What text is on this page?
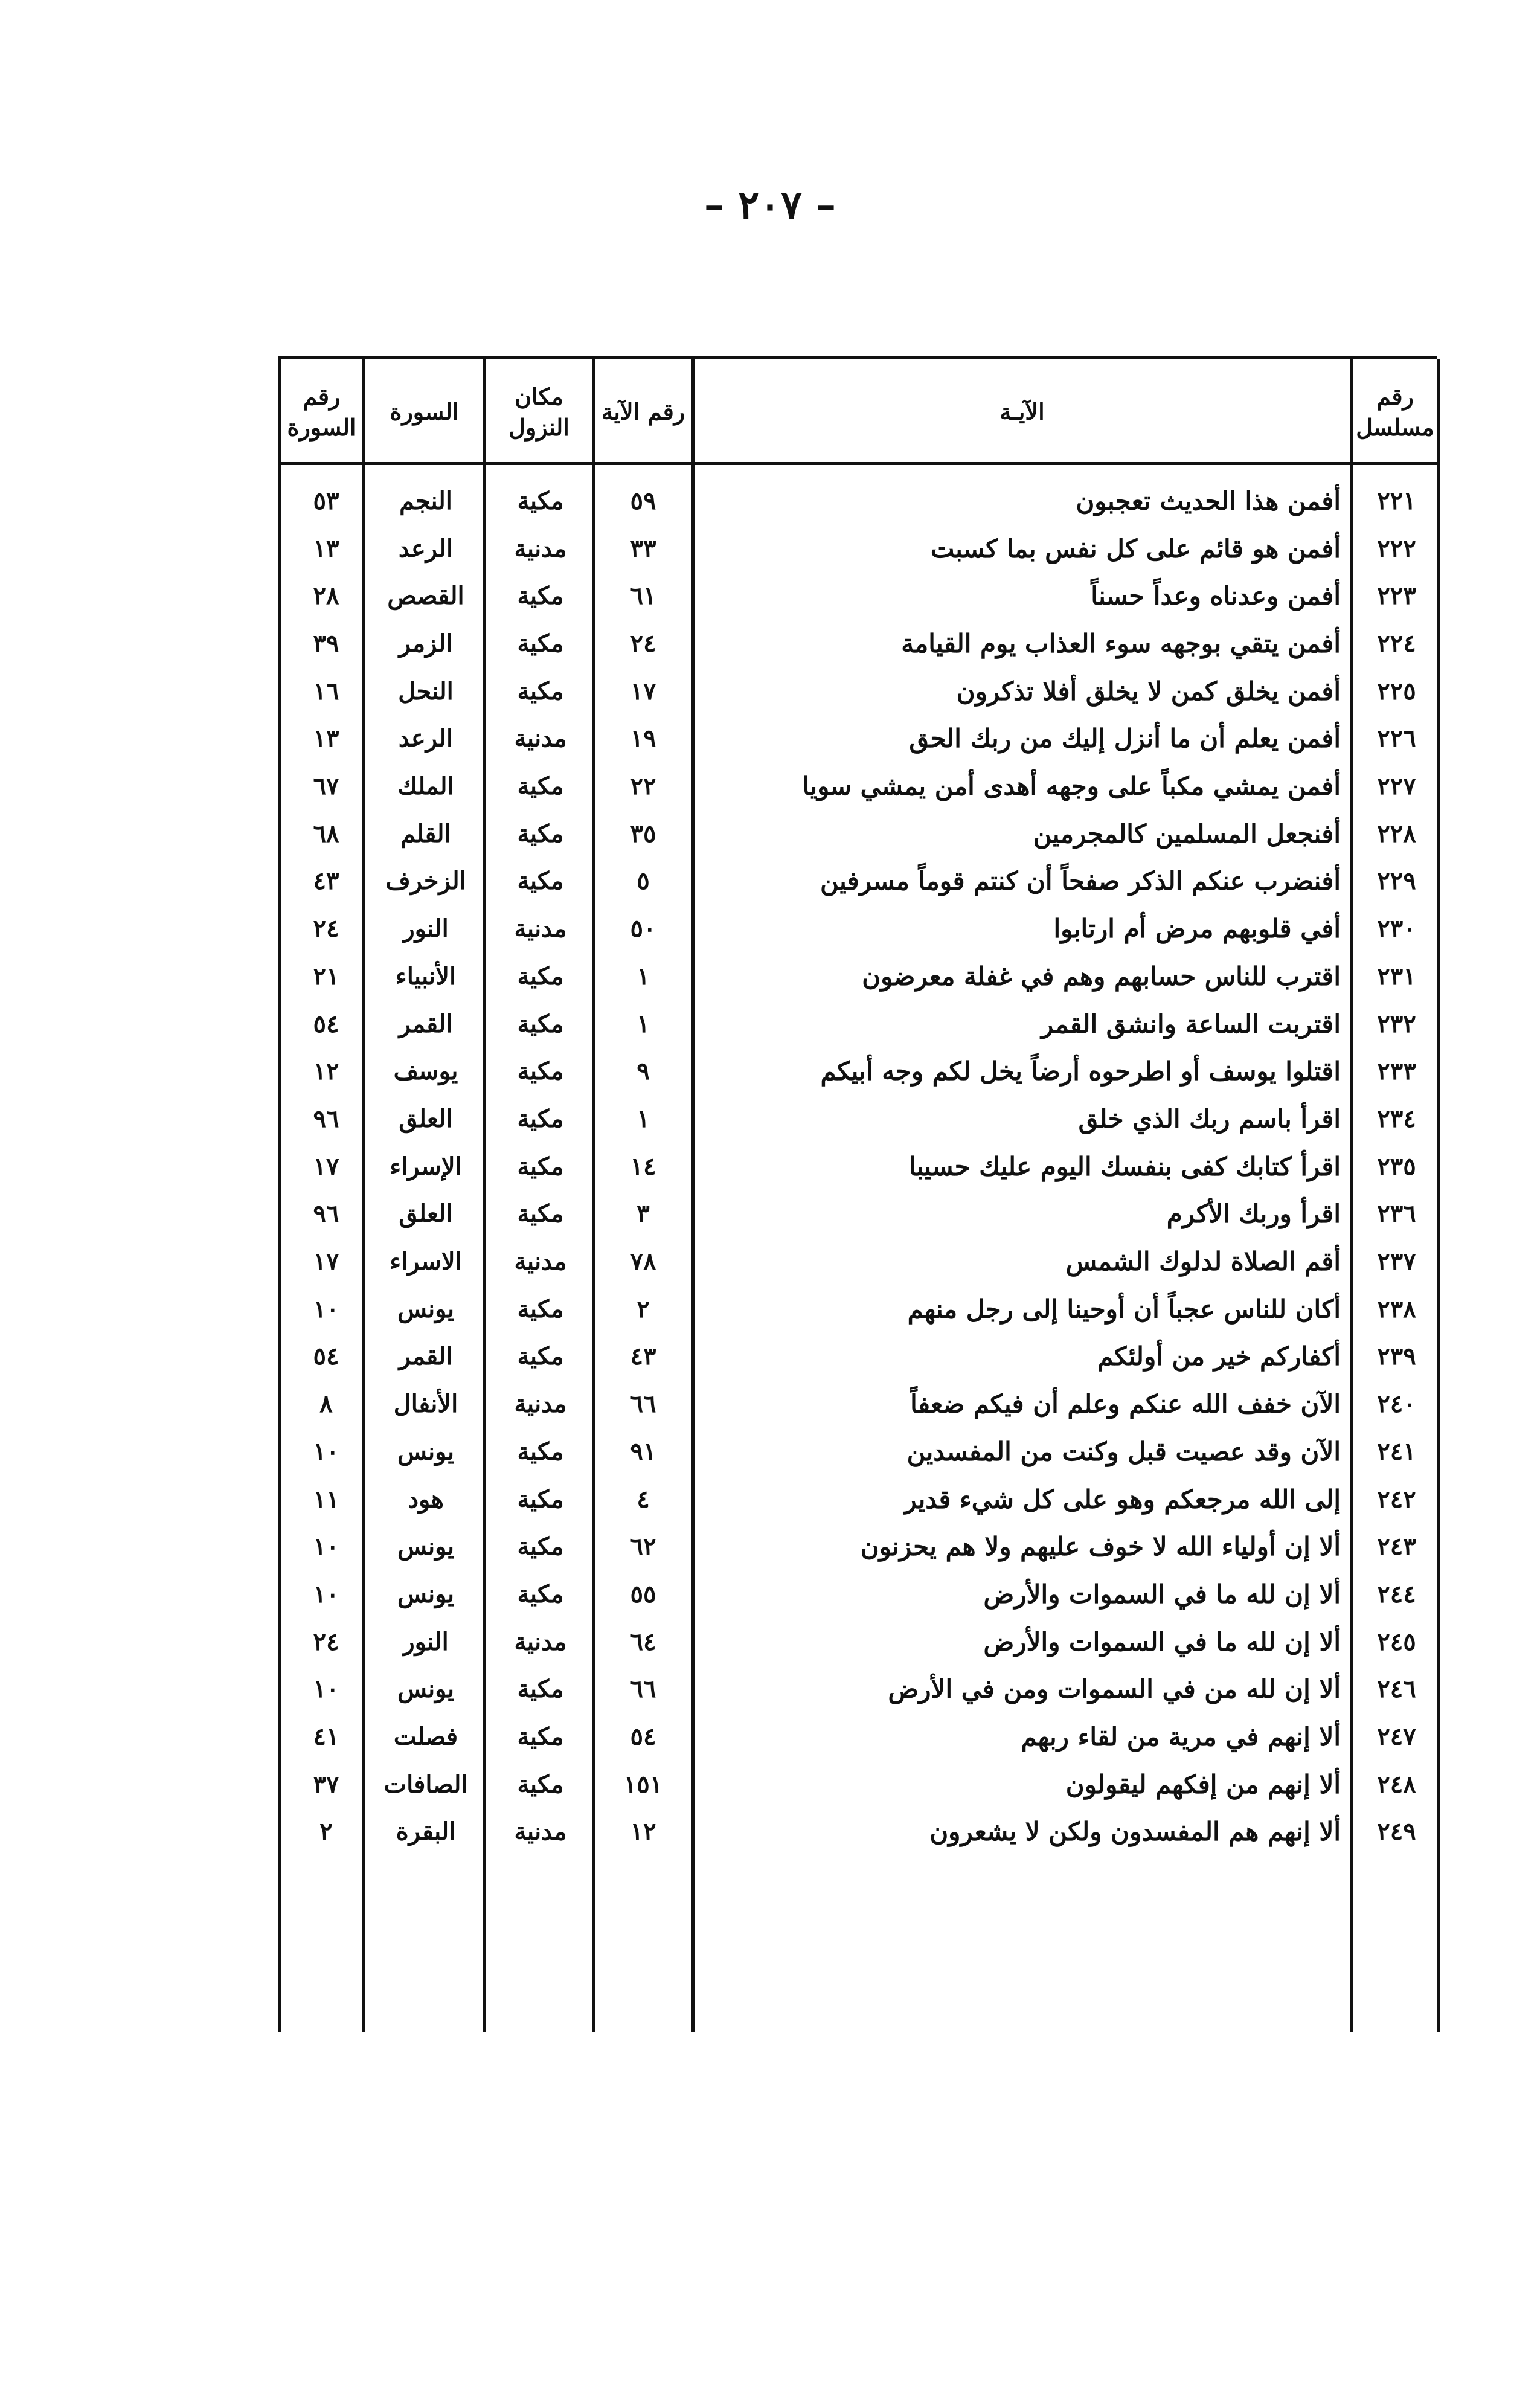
– ٢٠٧ –
رقم مسلسل
الآيـة
رقم الآية
مكان النزول
السورة
رقم السورة
٢٢١
أفمن هذا الحديث تعجبون
٥٩
مكية
النجم
٥٣
٢٢٢
أفمن هو قائم على كل نفس بما كسبت
٣٣
مدنية
الرعد
١٣
٢٢٣
أفمن وعدناه وعداً حسناً
٦١
مكية
القصص
٢٨
٢٢٤
أفمن يتقي بوجهه سوء العذاب يوم القيامة
٢٤
مكية
الزمر
٣٩
٢٢٥
أفمن يخلق كمن لا يخلق أفلا تذكرون
١٧
مكية
النحل
١٦
٢٢٦
أفمن يعلم أن ما أنزل إليك من ربك الحق
١٩
مدنية
الرعد
١٣
٢٢٧
أفمن يمشي مكباً على وجهه أهدى أمن يمشي سويا
٢٢
مكية
الملك
٦٧
٢٢٨
أفنجعل المسلمين كالمجرمين
٣٥
مكية
القلم
٦٨
٢٢٩
أفنضرب عنكم الذكر صفحاً أن كنتم قوماً مسرفين
٥
مكية
الزخرف
٤٣
٢٣٠
أفي قلوبهم مرض أم ارتابوا
٥٠
مدنية
النور
٢٤
٢٣١
اقترب للناس حسابهم وهم في غفلة معرضون
١
مكية
الأنبياء
٢١
٢٣٢
اقتربت الساعة وانشق القمر
١
مكية
القمر
٥٤
٢٣٣
اقتلوا يوسف أو اطرحوه أرضاً يخل لكم وجه أبيكم
٩
مكية
يوسف
١٢
٢٣٤
اقرأ باسم ربك الذي خلق
١
مكية
العلق
٩٦
٢٣٥
اقرأ كتابك كفى بنفسك اليوم عليك حسيبا
١٤
مكية
الإسراء
١٧
٢٣٦
اقرأ وربك الأكرم
٣
مكية
العلق
٩٦
٢٣٧
أقم الصلاة لدلوك الشمس
٧٨
مدنية
الاسراء
١٧
٢٣٨
أكان للناس عجباً أن أوحينا إلى رجل منهم
٢
مكية
يونس
١٠
٢٣٩
أكفاركم خير من أولئكم
٤٣
مكية
القمر
٥٤
٢٤٠
الآن خفف الله عنكم وعلم أن فيكم ضعفاً
٦٦
مدنية
الأنفال
٨
٢٤١
الآن وقد عصيت قبل وكنت من المفسدين
٩١
مكية
يونس
١٠
٢٤٢
إلى الله مرجعكم وهو على كل شيء قدير
٤
مكية
هود
١١
٢٤٣
ألا إن أولياء الله لا خوف عليهم ولا هم يحزنون
٦٢
مكية
يونس
١٠
٢٤٤
ألا إن لله ما في السموات والأرض
٥٥
مكية
يونس
١٠
٢٤٥
ألا إن لله ما في السموات والأرض
٦٤
مدنية
النور
٢٤
٢٤٦
ألا إن لله من في السموات ومن في الأرض
٦٦
مكية
يونس
١٠
٢٤٧
ألا إنهم في مرية من لقاء ربهم
٥٤
مكية
فصلت
٤١
٢٤٨
ألا إنهم من إفكهم ليقولون
١٥١
مكية
الصافات
٣٧
٢٤٩
ألا إنهم هم المفسدون ولكن لا يشعرون
١٢
مدنية
البقرة
٢
